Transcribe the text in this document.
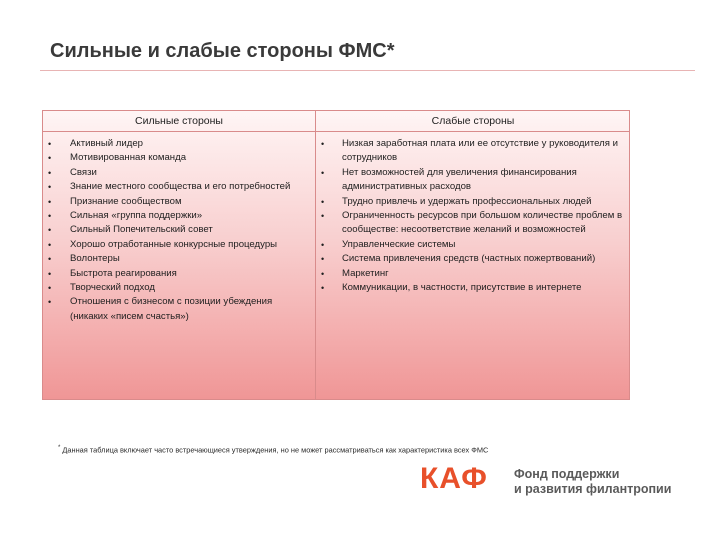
Сильные и слабые стороны ФМС*
Сильные стороны	Слабые стороны
• Активный лидер
• Мотивированная команда
• Связи
• Знание местного сообщества и его потребностей
• Признание сообществом
• Сильная «группа поддержки»
• Сильный Попечительский совет
• Хорошо отработанные конкурсные процедуры
• Волонтеры
• Быстрота реагирования
• Творческий подход
• Отношения с бизнесом с позиции убеждения (никаких «писем счастья»)
• Низкая заработная плата или ее отсутствие у руководителя и сотрудников
• Нет возможностей для увеличения финансирования административных расходов
• Трудно привлечь и удержать профессиональных людей
• Ограниченность ресурсов при большом количестве проблем в сообществе: несоответствие желаний и возможностей
• Управленческие системы
• Система привлечения средств (частных пожертвований)
• Маркетинг
• Коммуникации, в частности, присутствие в интернете
* Данная таблица включает часто встречающиеся утверждения, но не может рассматриваться как характеристика всех ФМС
КАФ Фонд поддержки
и развития филантропии
